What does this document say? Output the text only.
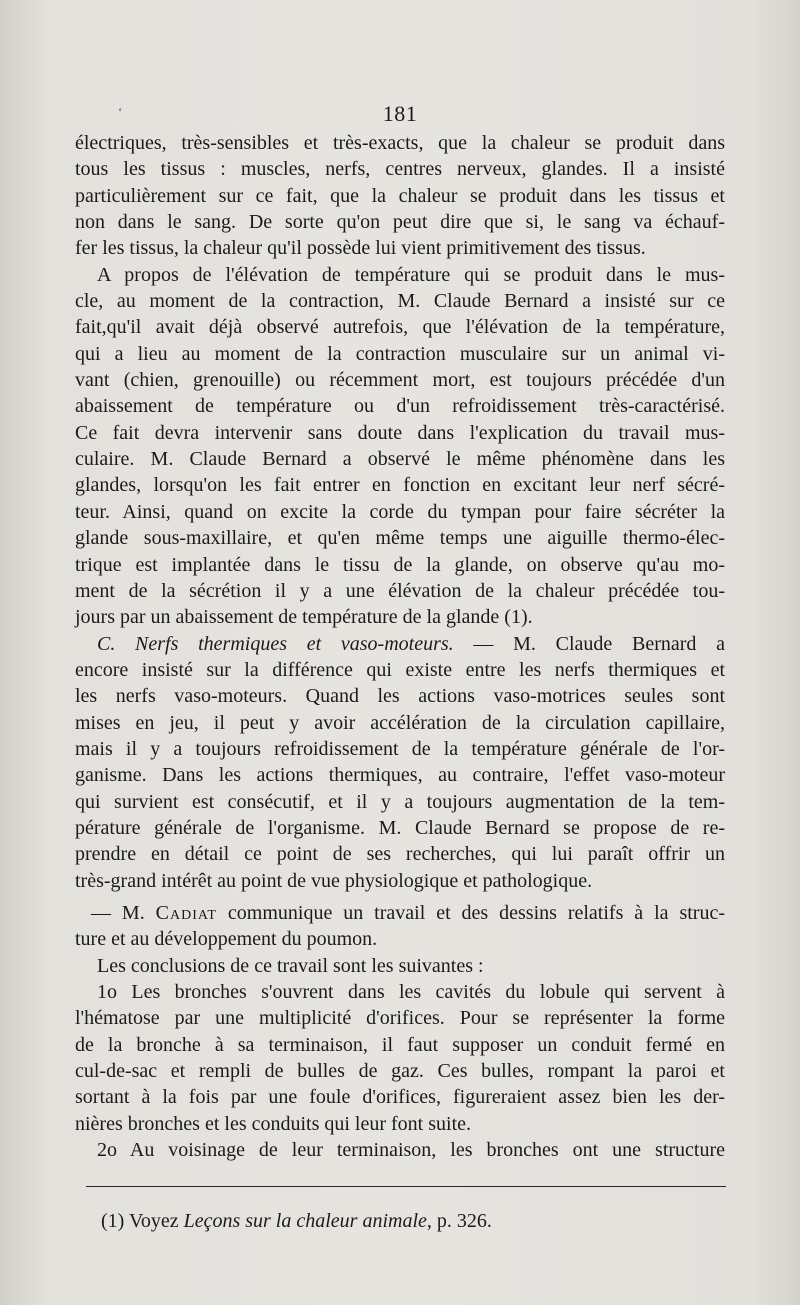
ʻ	181
électriques, très-sensibles et très-exacts, que la chaleur se produit dans
tous les tissus : muscles, nerfs, centres nerveux, glandes. Il a insisté
particulièrement sur ce fait, que la chaleur se produit dans les tissus et
non dans le sang. De sorte qu'on peut dire que si, le sang va échauf-
fer les tissus, la chaleur qu'il possède lui vient primitivement des tissus.
A propos de l'élévation de température qui se produit dans le mus-
cle, au moment de la contraction, M. Claude Bernard a insisté sur ce
fait,qu'il avait déjà observé autrefois, que l'élévation de la température,
qui a lieu au moment de la contraction musculaire sur un animal vi-
vant (chien, grenouille) ou récemment mort, est toujours précédée d'un
abaissement de température ou d'un refroidissement très-caractérisé.
Ce fait devra intervenir sans doute dans l'explication du travail mus-
culaire. M. Claude Bernard a observé le même phénomène dans les
glandes, lorsqu'on les fait entrer en fonction en excitant leur nerf sécré-
teur. Ainsi, quand on excite la corde du tympan pour faire sécréter la
glande sous-maxillaire, et qu'en même temps une aiguille thermo-élec-
trique est implantée dans le tissu de la glande, on observe qu'au mo-
ment de la sécrétion il y a une élévation de la chaleur précédée tou-
jours par un abaissement de température de la glande (1).
C. Nerfs thermiques et vaso-moteurs. — M. Claude Bernard a
encore insisté sur la différence qui existe entre les nerfs thermiques et
les nerfs vaso-moteurs. Quand les actions vaso-motrices seules sont
mises en jeu, il peut y avoir accélération de la circulation capillaire,
mais il y a toujours refroidissement de la température générale de l'or-
ganisme. Dans les actions thermiques, au contraire, l'effet vaso-moteur
qui survient est consécutif, et il y a toujours augmentation de la tem-
pérature générale de l'organisme. M. Claude Bernard se propose de re-
prendre en détail ce point de ses recherches, qui lui paraît offrir un
très-grand intérêt au point de vue physiologique et pathologique.
— M. Cadiat communique un travail et des dessins relatifs à la struc-
ture et au développement du poumon.
Les conclusions de ce travail sont les suivantes :
1o Les bronches s'ouvrent dans les cavités du lobule qui servent à
l'hématose par une multiplicité d'orifices. Pour se représenter la forme
de la bronche à sa terminaison, il faut supposer un conduit fermé en
cul-de-sac et rempli de bulles de gaz. Ces bulles, rompant la paroi et
sortant à la fois par une foule d'orifices, figureraient assez bien les der-
nières bronches et les conduits qui leur font suite.
2o Au voisinage de leur terminaison, les bronches ont une structure
(1) Voyez Leçons sur la chaleur animale, p. 326.
